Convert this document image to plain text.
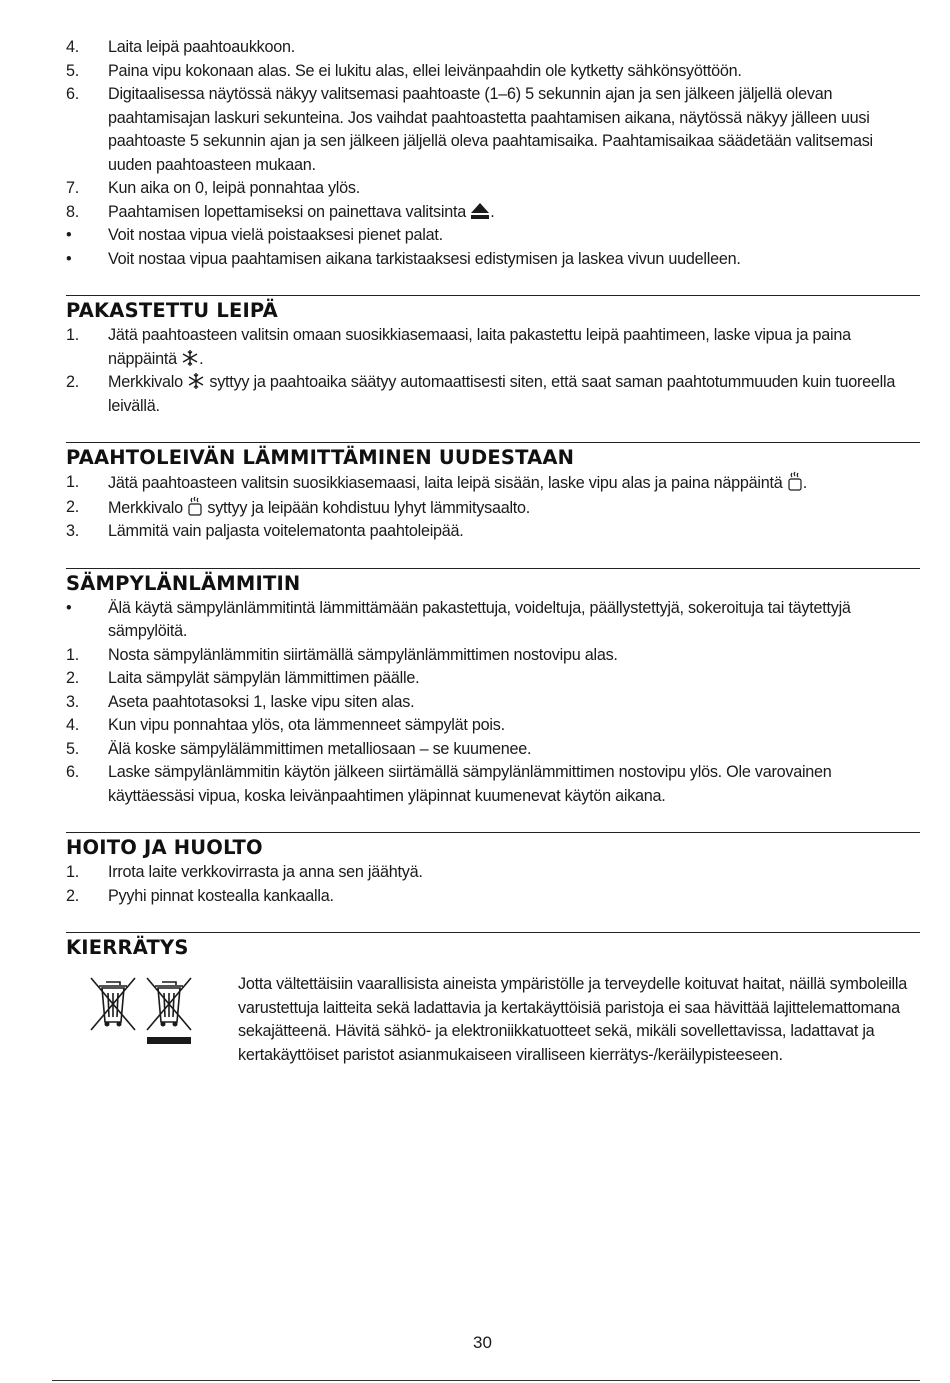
4.	Laita leipä paahtoaukkoon.
5.	Paina vipu kokonaan alas. Se ei lukitu alas, ellei leivänpaahdin ole kytketty sähkönsyöttöön.
6.	Digitaalisessa näytössä näkyy valitsemasi paahtoaste (1–6) 5 sekunnin ajan ja sen jälkeen jäljellä olevan paahtamisajan laskuri sekunteina. Jos vaihdat paahtoastetta paahtamisen aikana, näytössä näkyy jälleen uusi paahtoaste 5 sekunnin ajan ja sen jälkeen jäljellä oleva paahtamisaika. Paahtamisaikaa säädetään valitsemasi uuden paahtoasteen mukaan.
7.	Kun aika on 0, leipä ponnahtaa ylös.
8.	Paahtamisen lopettamiseksi on painettava valitsinta .
•	Voit nostaa vipua vielä poistaaksesi pienet palat.
•	Voit nostaa vipua paahtamisen aikana tarkistaaksesi edistymisen ja laskea vivun uudelleen.
PAKASTETTU LEIPÄ
1.	Jätä paahtoasteen valitsin omaan suosikkiasemaasi, laita pakastettu leipä paahtimeen, laske vipua ja paina näppäintä .
2.	Merkkivalo syttyy ja paahtoaika säätyy automaattisesti siten, että saat saman paahtotummuuden kuin tuoreella leivällä.
PAAHTOLEIVÄN LÄMMITTÄMINEN UUDESTAAN
1.	Jätä paahtoasteen valitsin suosikkiasemaasi, laita leipä sisään, laske vipu alas ja paina näppäintä .
2.	Merkkivalo syttyy ja leipään kohdistuu lyhyt lämmitysaalto.
3.	Lämmitä vain paljasta voitelematonta paahtoleipää.
SÄMPYLÄNLÄMMITIN
•	Älä käytä sämpylänlämmitintä lämmittämään pakastettuja, voideltuja, päällystettyjä, sokeroituja tai täytettyjä sämpylöitä.
1.	Nosta sämpylänlämmitin siirtämällä sämpylänlämmittimen nostovipu alas.
2.	Laita sämpylät sämpylän lämmittimen päälle.
3.	Aseta paahtotasoksi 1, laske vipu siten alas.
4.	Kun vipu ponnahtaa ylös, ota lämmenneet sämpylät pois.
5.	Älä koske sämpylälämmittimen metalliosaan – se kuumenee.
6.	Laske sämpylänlämmitin käytön jälkeen siirtämällä sämpylänlämmittimen nostovipu ylös. Ole varovainen käyttäessäsi vipua, koska leivänpaahtimen yläpinnat kuumenevat käytön aikana.
HOITO JA HUOLTO
1.	Irrota laite verkkovirrasta ja anna sen jäähtyä.
2.	Pyyhi pinnat kostealla kankaalla.
KIERRÄTYS
Jotta vältettäisiin vaarallisista aineista ympäristölle ja terveydelle koituvat haitat, näillä symboleilla varustettuja laitteita sekä ladattavia ja kertakäyttöisiä paristoja ei saa hävittää lajittelemattomana sekajätteenä. Hävitä sähkö- ja elektroniikkatuotteet sekä, mikäli sovellettavissa, ladattavat ja kertakäyttöiset paristot asianmukaiseen viralliseen kierrätys-/keräilypisteeseen.
30
